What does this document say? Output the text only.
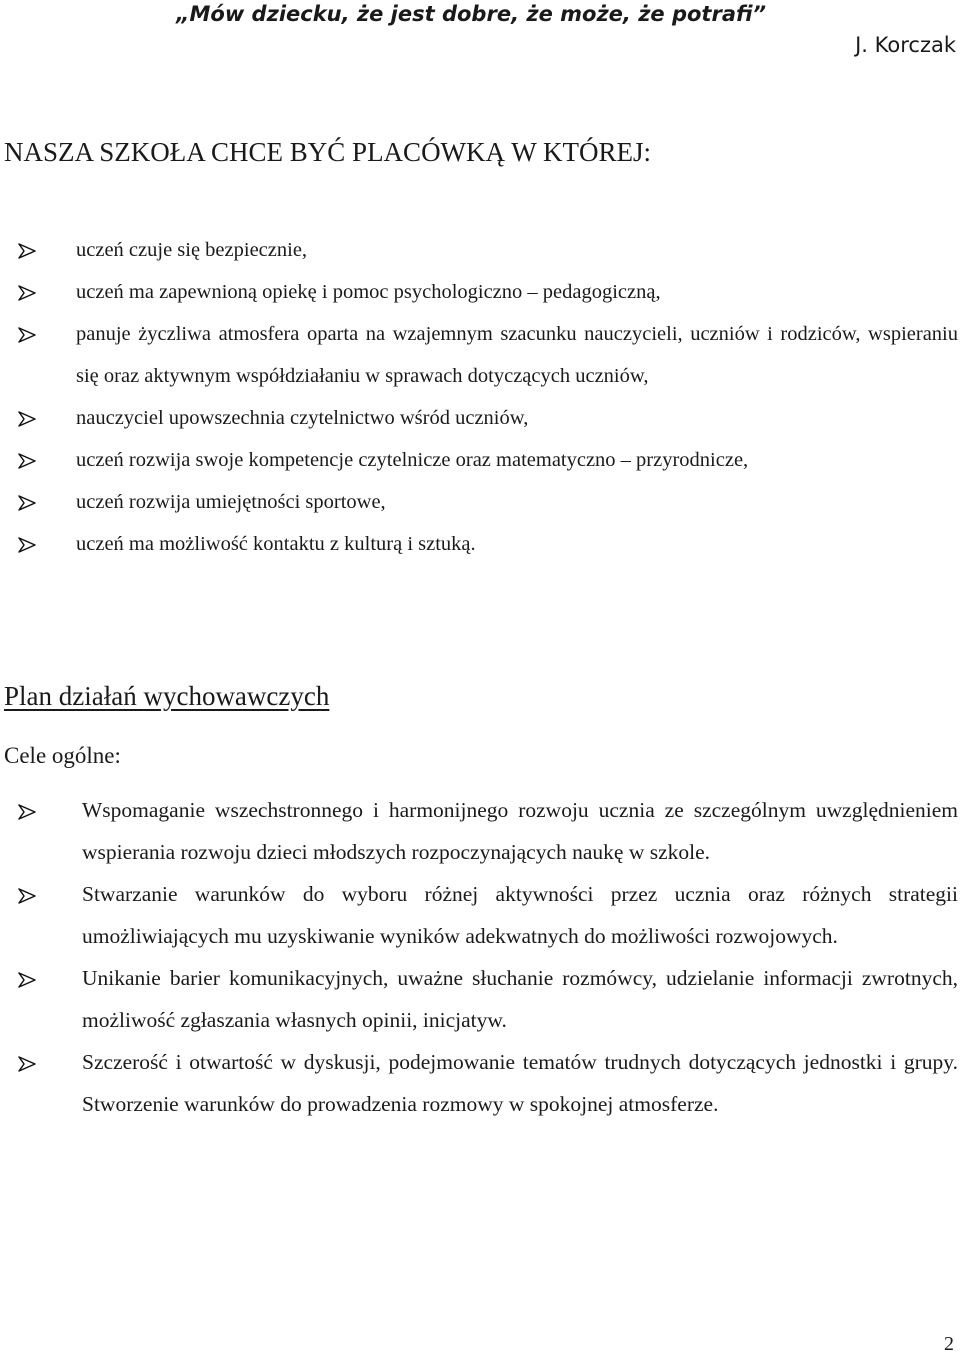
„Mów dziecku, że jest dobre, że może, że potrafi”

J. Korczak

NASZA SZKOŁA CHCE BYĆ PLACÓWKĄ W KTÓREJ:
uczeń czuje się bezpiecznie,
uczeń ma zapewnioną opiekę i pomoc psychologiczno – pedagogiczną,
panuje życzliwa atmosfera oparta na wzajemnym szacunku nauczycieli, uczniów i rodziców, wspieraniu się oraz aktywnym współdziałaniu w sprawach dotyczących uczniów,
nauczyciel upowszechnia czytelnictwo wśród uczniów,
uczeń rozwija swoje kompetencje czytelnicze oraz matematyczno – przyrodnicze,
uczeń rozwija umiejętności sportowe,
uczeń ma możliwość kontaktu z kulturą i sztuką.
Plan działań wychowawczych

Cele ogólne:

Wspomaganie wszechstronnego i harmonijnego rozwoju ucznia ze szczególnym uwzględnieniem wspierania rozwoju dzieci młodszych rozpoczynających naukę w szkole.
Stwarzanie warunków do wyboru różnej aktywności przez ucznia oraz różnych strategii umożliwiających mu uzyskiwanie wyników adekwatnych do możliwości rozwojowych.
Unikanie barier komunikacyjnych, uważne słuchanie rozmówcy, udzielanie informacji zwrotnych, możliwość zgłaszania własnych opinii, inicjatyw.
Szczerość i otwartość w dyskusji, podejmowanie tematów trudnych dotyczących jednostki i grupy. Stworzenie warunków do prowadzenia rozmowy w spokojnej atmosferze.

2
